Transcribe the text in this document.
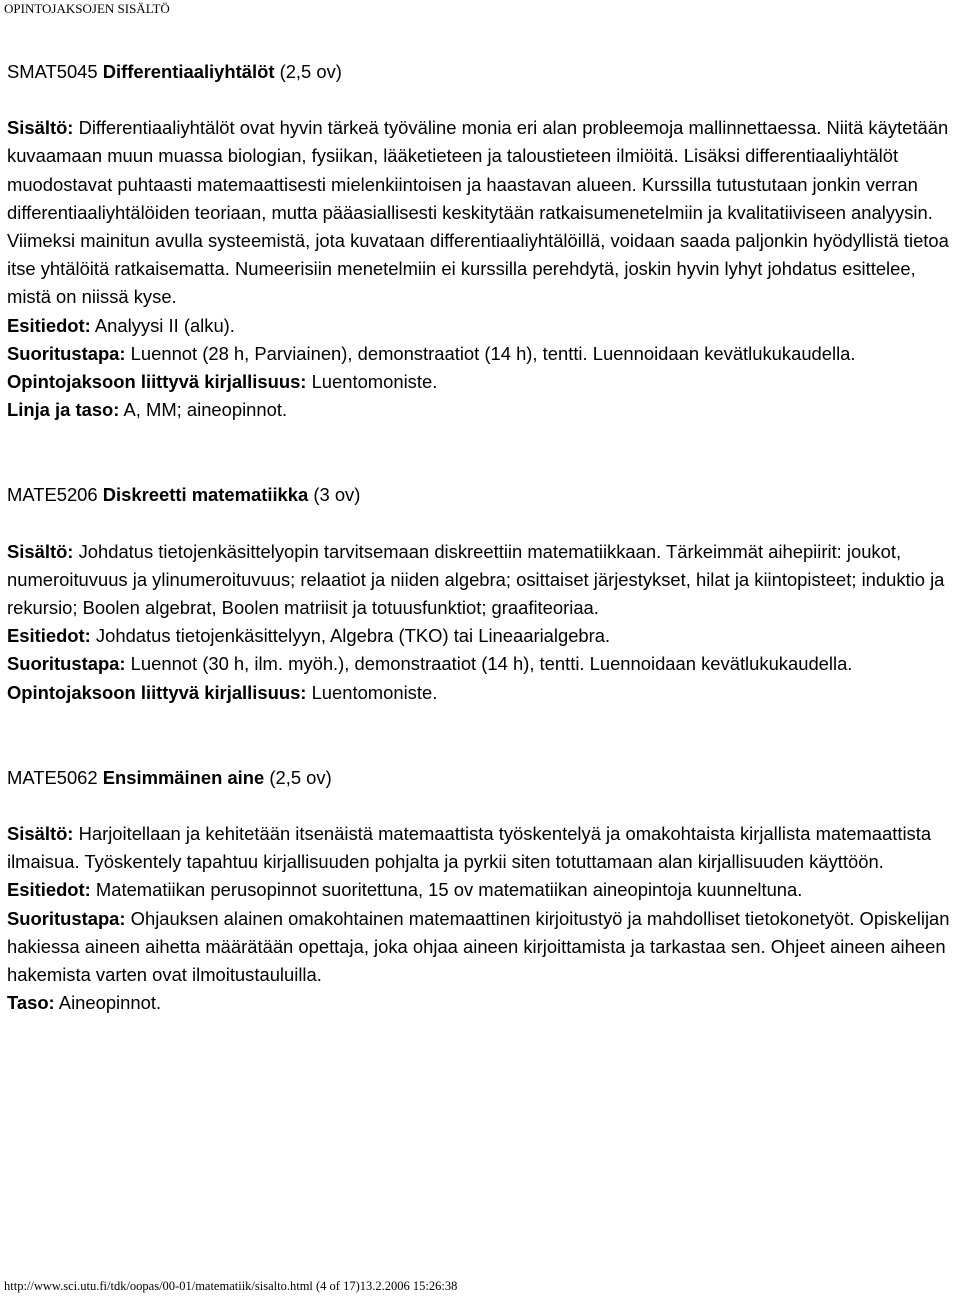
OPINTOJAKSOJEN SISÄLTÖ

SMAT5045 Differentiaaliyhtälöt (2,5 ov)

Sisältö: Differentiaaliyhtälöt ovat hyvin tärkeä työväline monia eri alan probleemoja mallinnettaessa. Niitä käytetään kuvaamaan muun muassa biologian, fysiikan, lääketieteen ja taloustieteen ilmiöitä. Lisäksi differentiaaliyhtälöt muodostavat puhtaasti matemaattisesti mielenkiintoisen ja haastavan alueen. Kurssilla tutustutaan jonkin verran differentiaaliyhtälöiden teoriaan, mutta pääasiallisesti keskitytään ratkaisumenetelmiin ja kvalitatiiviseen analyysin. Viimeksi mainitun avulla systeemistä, jota kuvataan differentiaaliyhtälöillä, voidaan saada paljonkin hyödyllistä tietoa itse yhtälöitä ratkaisematta. Numeerisiin menetelmiin ei kurssilla perehdytä, joskin hyvin lyhyt johdatus esittelee, mistä on niissä kyse.

Esitiedot: Analyysi II (alku).

Suoritustapa: Luennot (28 h, Parviainen), demonstraatiot (14 h), tentti. Luennoidaan kevätlukukaudella.

Opintojaksoon liittyvä kirjallisuus: Luentomoniste.

Linja ja taso: A, MM; aineopinnot.

MATE5206 Diskreetti matematiikka (3 ov)

Sisältö: Johdatus tietojenkäsittelyopin tarvitsemaan diskreettiin matematiikkaan. Tärkeimmät aihepiirit: joukot, numeroituvuus ja ylinumeroituvuus; relaatiot ja niiden algebra; osittaiset järjestykset, hilat ja kiintopisteet; induktio ja rekursio; Boolen algebrat, Boolen matriisit ja totuusfunktiot; graafiteoriaa.

Esitiedot: Johdatus tietojenkäsittelyyn, Algebra (TKO) tai Lineaarialgebra.

Suoritustapa: Luennot (30 h, ilm. myöh.), demonstraatiot (14 h), tentti. Luennoidaan kevätlukukaudella.

Opintojaksoon liittyvä kirjallisuus: Luentomoniste.

MATE5062 Ensimmäinen aine (2,5 ov)

Sisältö: Harjoitellaan ja kehitetään itsenäistä matemaattista työskentelyä ja omakohtaista kirjallista matemaattista ilmaisua. Työskentely tapahtuu kirjallisuuden pohjalta ja pyrkii siten totuttamaan alan kirjallisuuden käyttöön.

Esitiedot: Matematiikan perusopinnot suoritettuna, 15 ov matematiikan aineopintoja kuunneltuna.

Suoritustapa: Ohjauksen alainen omakohtainen matemaattinen kirjoitustyö ja mahdolliset tietokonetyöt. Opiskelijan hakiessa aineen aihetta määrätään opettaja, joka ohjaa aineen kirjoittamista ja tarkastaa sen. Ohjeet aineen aiheen hakemista varten ovat ilmoitustauluilla.

Taso: Aineopinnot.

http://www.sci.utu.fi/tdk/oopas/00-01/matematiik/sisalto.html (4 of 17)13.2.2006 15:26:38
